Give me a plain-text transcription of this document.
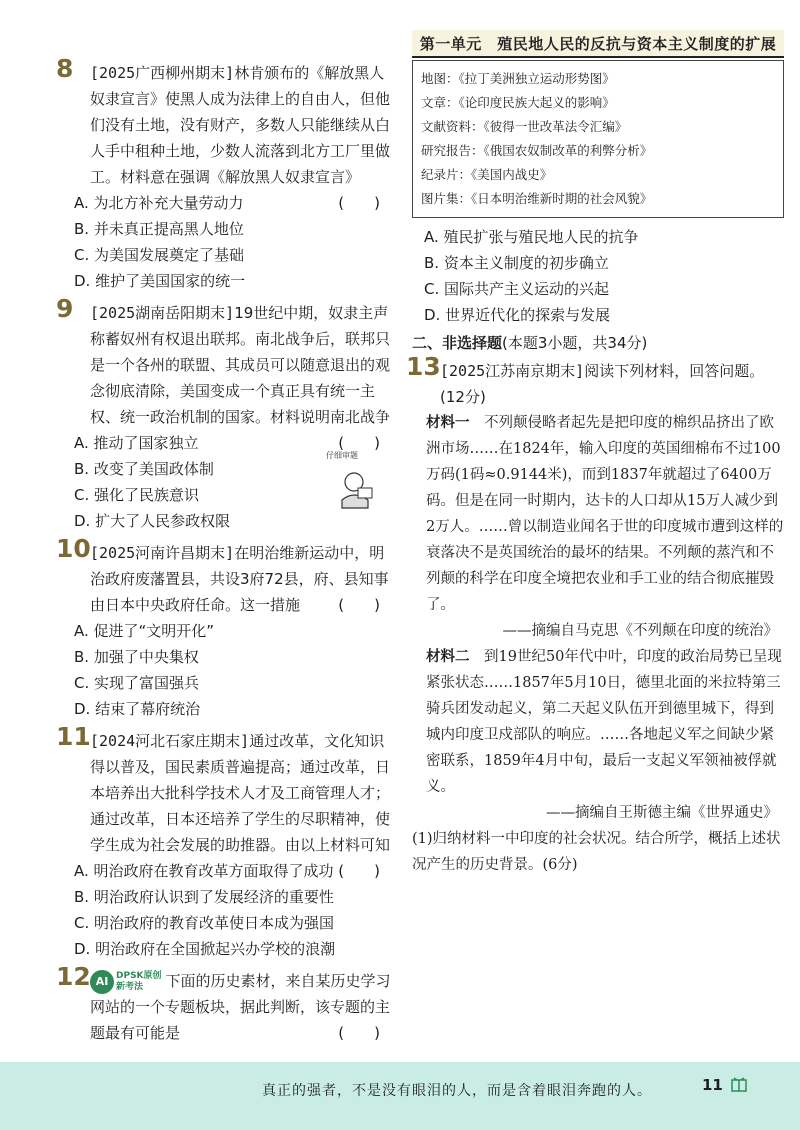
第一单元　殖民地人民的反抗与资本主义制度的扩展
8	[2025广西柳州期末]林肯颁布的《解放黑人奴隶宣言》使黑人成为法律上的自由人，但他们没有土地，没有财产，多数人只能继续从白人手中租种土地，少数人流落到北方工厂里做工。材料意在强调《解放黑人奴隶宣言》
(　　)

A. 为北方补充大量劳动力

B. 并未真正提高黑人地位

C. 为美国发展奠定了基础

D. 维护了美国国家的统一

9	[2025湖南岳阳期末]19世纪中期，奴隶主声称蓄奴州有权退出联邦。南北战争后，联邦只是一个各州的联盟、其成员可以随意退出的观念彻底清除，美国变成一个真正具有统一主权、统一政治机制的国家。材料说明南北战争
(　　)

A. 推动了国家独立

B. 改变了美国政体制

C. 强化了民族意识

D. 扩大了人民参政权限

10 [2025河南许昌期末]在明治维新运动中，明治政府废藩置县，共设3府72县，府、县知事由日本中央政府任命。这一措施	(　　)

A. 促进了“文明开化”

B. 加强了中央集权

C. 实现了富国强兵

D. 结束了幕府统治

11 [2024河北石家庄期末]通过改革，文化知识得以普及，国民素质普遍提高；通过改革，日本培养出大批科学技术人才及工商管理人才；通过改革，日本还培养了学生的尽职精神，使学生成为社会发展的助推器。由以上材料可知
(　　)

A. 明治政府在教育改革方面取得了成功

B. 明治政府认识到了发展经济的重要性

C. 明治政府的教育改革使日本成为强国

D. 明治政府在全国掀起兴办学校的浪潮

12 AI DPSK原创
新考法	下面的历史素材，来自某历史学习网站的一个专题板块，据此判断，该专题的主题最有可能是	(　　)

仔细审题
地图：《拉丁美洲独立运动形势图》
文章：《论印度民族大起义的影响》
文献资料：《彼得一世改革法令汇编》
研究报告：《俄国农奴制改革的利弊分析》
纪录片：《美国内战史》
图片集：《日本明治维新时期的社会风貌》

A. 殖民扩张与殖民地人民的抗争

B. 资本主义制度的初步确立

C. 国际共产主义运动的兴起

D. 世界近代化的探索与发展

二、非选择题(本题3小题，共34分)

13 [2025江苏南京期末]阅读下列材料，回答问题。(12分)

材料一　 不列颠侵略者起先是把印度的棉织品挤出了欧洲市场……在1824年，输入印度的英国细棉布不过100万码(1码≈0.9144米)，而到1837年就超过了6400万码。但是在同一时期内，达卡的人口却从15万人减少到2万人。……曾以制造业闻名于世的印度城市遭到这样的衰落决不是英国统治的最坏的结果。不列颠的蒸汽和不列颠的科学在印度全境把农业和手工业的结合彻底摧毁了。

——摘编自马克思《不列颠在印度的统治》

材料二　 到19世纪50年代中叶，印度的政治局势已呈现紧张状态……1857年5月10日，德里北面的米拉特第三骑兵团发动起义，第二天起义队伍开到德里城下，得到城内印度卫戍部队的响应。……各地起义军之间缺少紧密联系，1859年4月中旬，最后一支起义军领袖被俘就义。

——摘编自王斯德主编《世界通史》

(1)归纳材料一中印度的社会状况。结合所学，概括上述状况产生的历史背景。(6分)

真正的强者，不是没有眼泪的人，而是含着眼泪奔跑的人。	11
